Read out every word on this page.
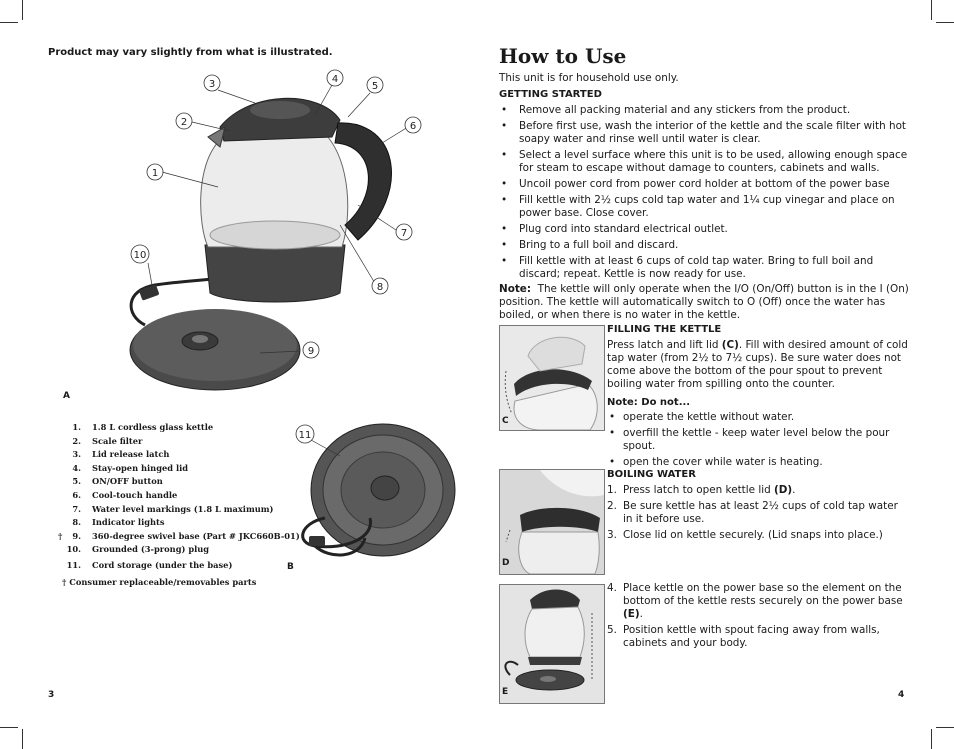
Product may vary slightly from what is illustrated.
1
2
3	4
5
6
7
8
9
10
A
1. 1.8 L cordless glass kettle
2. Scale filter
3. Lid release latch
4. Stay-open hinged lid
5. ON/OFF button
6. Cool-touch handle
7. Water level markings (1.8 L maximum)
8. Indicator lights
†	9. 360-degree swivel base (Part # JKC660B-01)
10. Grounded (3-prong) plug
11. Cord storage (under the base)
† Consumer replaceable/removables parts
11
B
3
How to Use
This unit is for household use only.
GETTING STARTED
• Remove all packing material and any stickers from the product.
• Before first use, wash the interior of the kettle and the scale filter with hot soapy water and rinse well until water is clear.
• Select a level surface where this unit is to be used, allowing enough space for steam to escape without damage to counters, cabinets and walls.
• Uncoil power cord from power cord holder at bottom of the power base
• Fill kettle with 2½ cups cold tap water and 1¼ cup vinegar and place on power base. Close cover.
• Plug cord into standard electrical outlet.
• Bring to a full boil and discard.
• Fill kettle with at least 6 cups of cold tap water. Bring to full boil and discard; repeat. Kettle is now ready for use.
Note: The kettle will only operate when the I/O (On/Off) button is in the I (On) position. The kettle will automatically switch to O (Off) once the water has boiled, or when there is no water in the kettle.
C
FILLING THE KETTLE
Press latch and lift lid (C). Fill with desired amount of cold tap water (from 2½ to 7½ cups). Be sure water does not come above the bottom of the pour spout to prevent boiling water from spilling onto the counter.
Note: Do not...
• operate the kettle without water.
• overfill the kettle - keep water level below the pour spout.
• open the cover while water is heating.
D
BOILING WATER
1. Press latch to open kettle lid (D).
2. Be sure kettle has at least 2½ cups of cold tap water in it before use.
3. Close lid on kettle securely. (Lid snaps into place.)
E
4. Place kettle on the power base so the element on the bottom of the kettle rests securely on the power base (E).
5. Position kettle with spout facing away from walls, cabinets and your body.
4
